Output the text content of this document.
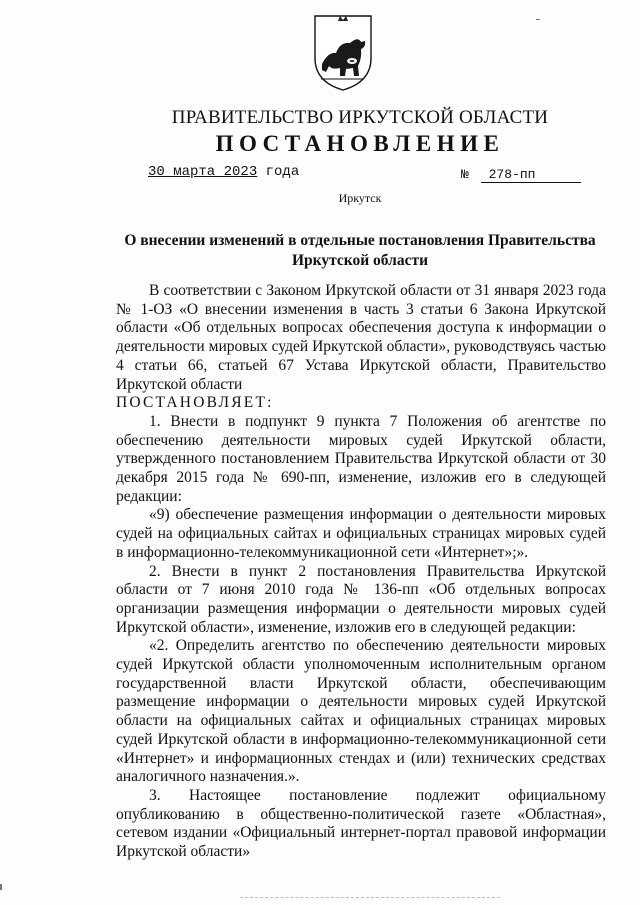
ПРАВИТЕЛЬСТВО ИРКУТСКОЙ ОБЛАСТИ
ПОСТАНОВЛЕНИЕ
30 марта 2023 года	№ 278-пп
Иркутск
О внесении изменений в отдельные постановления Правительства Иркутской области

В соответствии с Законом Иркутской области от 31 января 2023 года № 1-ОЗ «О внесении изменения в часть 3 статьи 6 Закона Иркутской области «Об отдельных вопросах обеспечения доступа к информации о деятельности мировых судей Иркутской области», руководствуясь частью 4 статьи 66, статьей 67 Устава Иркутской области, Правительство Иркутской области

ПОСТАНОВЛЯЕТ:

1. Внести в подпункт 9 пункта 7 Положения об агентстве по обеспечению деятельности мировых судей Иркутской области, утвержденного постановлением Правительства Иркутской области от 30 декабря 2015 года № 690-пп, изменение, изложив его в следующей редакции:

«9) обеспечение размещения информации о деятельности мировых судей на официальных сайтах и официальных страницах мировых судей в информационно-телекоммуникационной сети «Интернет»;».

2. Внести в пункт 2 постановления Правительства Иркутской области от 7 июня 2010 года № 136-пп «Об отдельных вопросах организации размещения информации о деятельности мировых судей Иркутской области», изменение, изложив его в следующей редакции:

«2. Определить агентство по обеспечению деятельности мировых судей Иркутской области уполномоченным исполнительным органом государственной власти Иркутской области, обеспечивающим размещение информации о деятельности мировых судей Иркутской области на официальных сайтах и официальных страницах мировых судей Иркутской области в информационно-телекоммуникационной сети «Интернет» и информационных стендах и (или) технических средствах аналогичного назначения.».

3. Настоящее постановление подлежит официальному опубликованию в общественно-политической газете «Областная», сетевом издании «Официальный интернет-портал правовой информации Иркутской области»
